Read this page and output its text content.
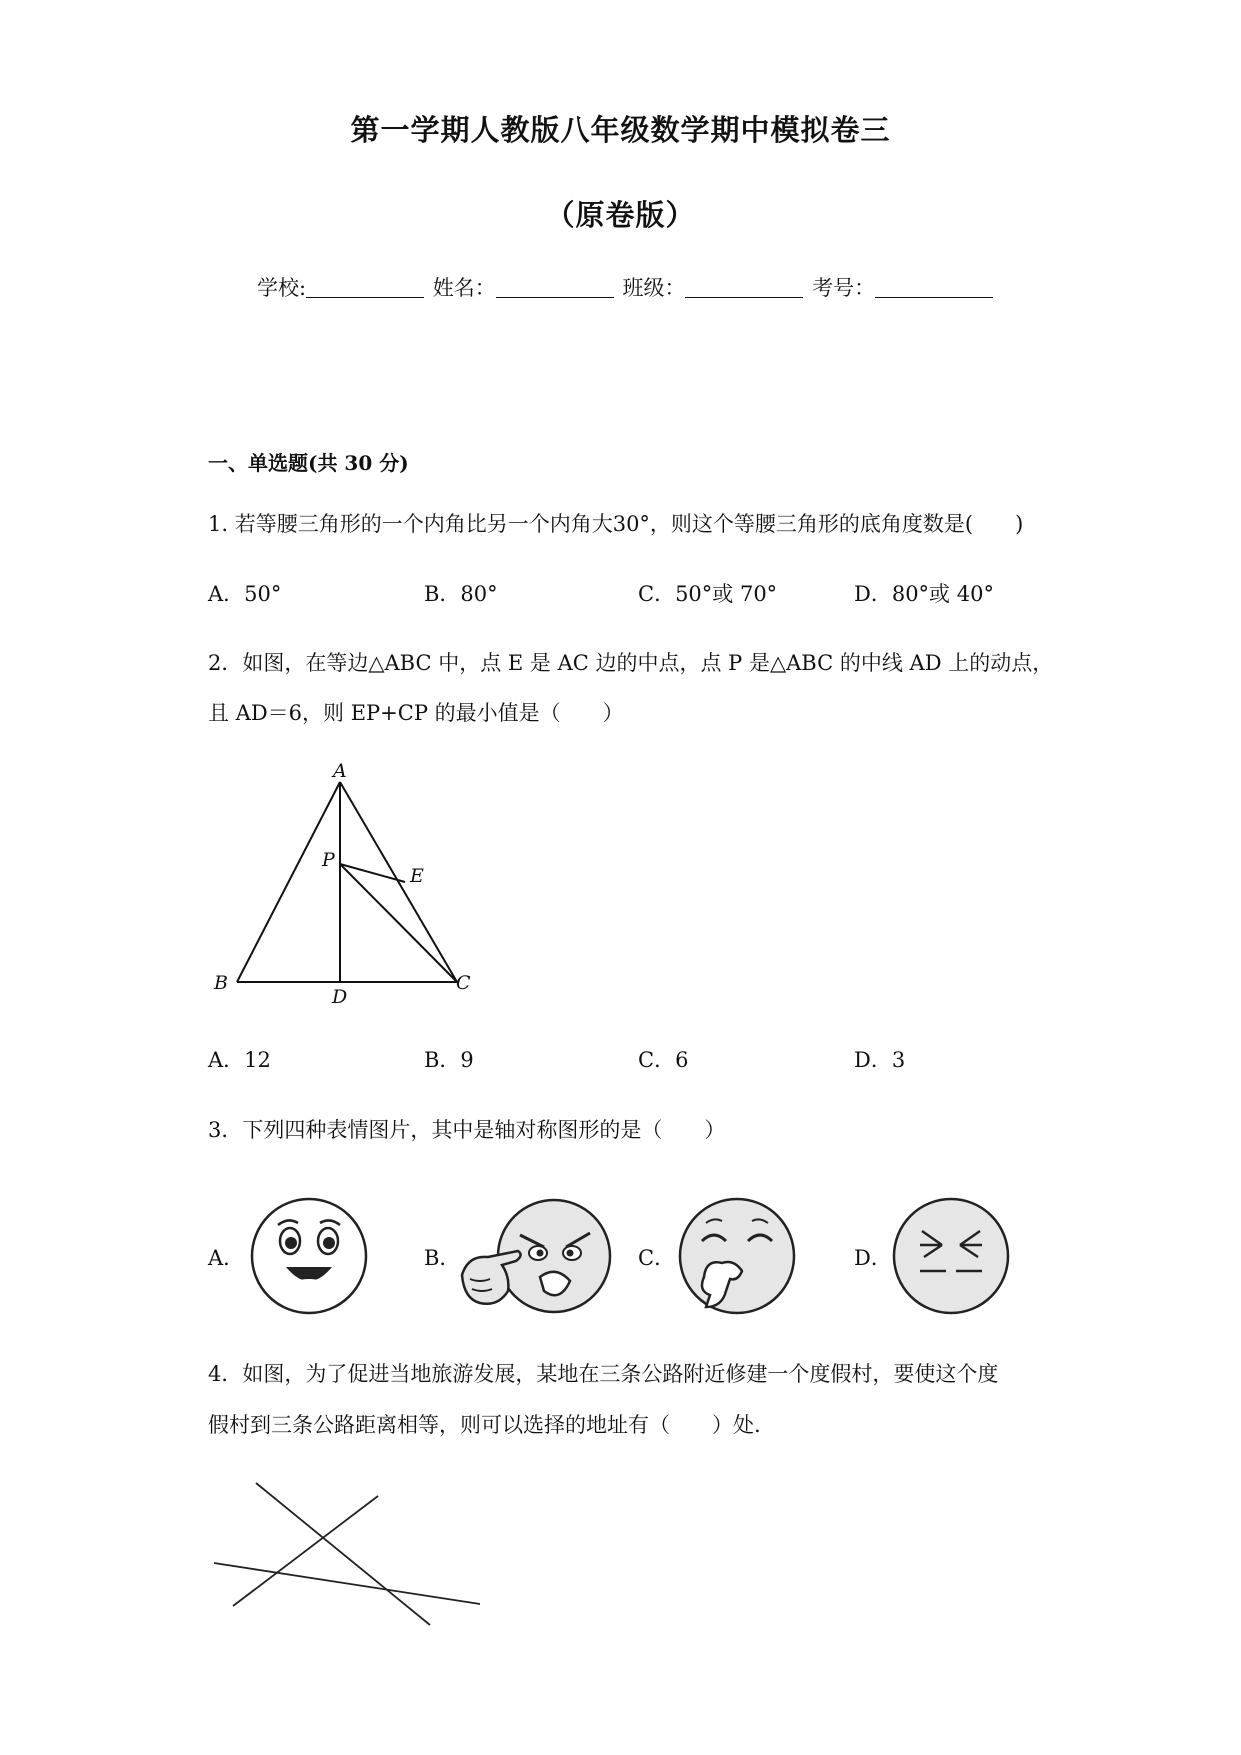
第一学期人教版八年级数学期中模拟卷三
（原卷版）
学校:	姓名：	班级：	考号：
一、单选题(共 30 分)
1. 若等腰三角形的一个内角比另一个内角大30°，则这个等腰三角形的底角度数是(　　)
A．50°	B．80°	C．50°或 70°	D．80°或 40°
2．如图，在等边△ABC 中，点 E 是 AC 边的中点，点 P 是△ABC 的中线 AD 上的动点，
且 AD＝6，则 EP+CP 的最小值是（　　）
A
B	C
D
E
P
A．12	B．9	C．6	D．3
3．下列四种表情图片，其中是轴对称图形的是（　　）
A．	B．	C．	D．
4．如图，为了促进当地旅游发展，某地在三条公路附近修建一个度假村，要使这个度
假村到三条公路距离相等，则可以选择的地址有（　　）处.
